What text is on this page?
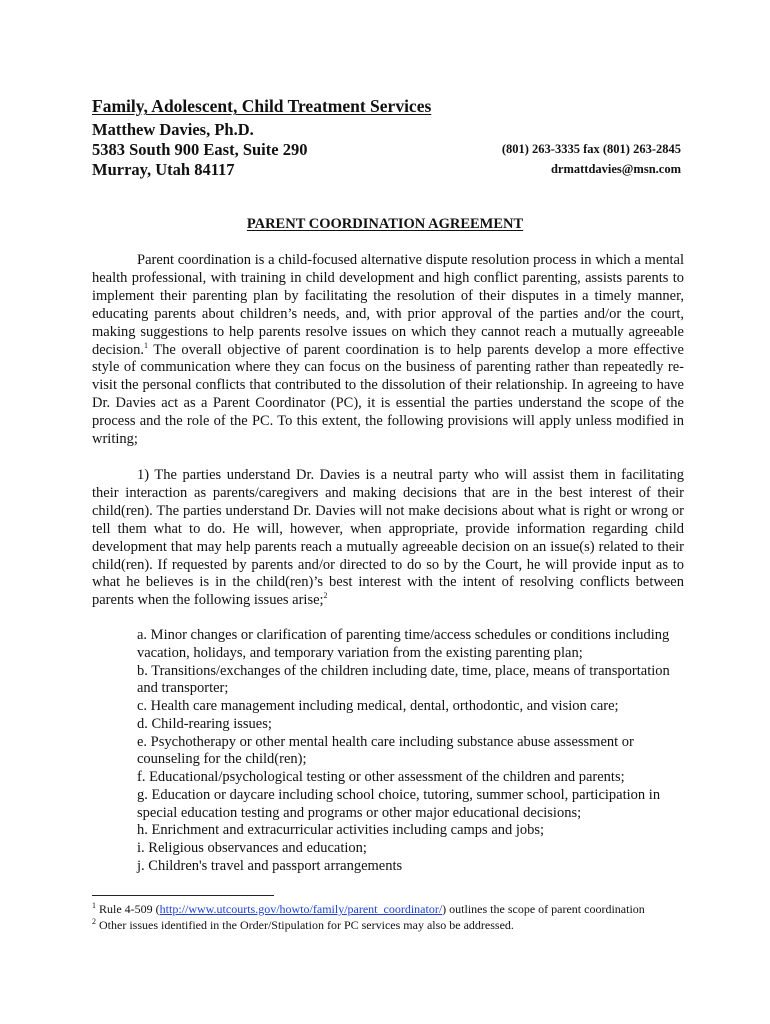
Family, Adolescent, Child Treatment Services

Matthew Davies, Ph.D.

5383 South 900 East, Suite 290

Murray, Utah 84117

(801) 263-3335 fax (801) 263-2845

drmattdavies@msn.com

PARENT COORDINATION AGREEMENT

Parent coordination is a child-focused alternative dispute resolution process in which a mental health professional, with training in child development and high conflict parenting, assists parents to implement their parenting plan by facilitating the resolution of their disputes in a timely manner, educating parents about children’s needs, and, with prior approval of the parties and/or the court, making suggestions to help parents resolve issues on which they cannot reach a mutually agreeable decision.$^1$ The overall objective of parent coordination is to help parents develop a more effective style of communication where they can focus on the business of parenting rather than repeatedly re-visit the personal conflicts that contributed to the dissolution of their relationship. In agreeing to have Dr. Davies act as a Parent Coordinator (PC), it is essential the parties understand the scope of the process and the role of the PC. To this extent, the following provisions will apply unless modified in writing;

1) The parties understand Dr. Davies is a neutral party who will assist them in facilitating their interaction as parents/caregivers and making decisions that are in the best interest of their child(ren). The parties understand Dr. Davies will not make decisions about what is right or wrong or tell them what to do. He will, however, when appropriate, provide information regarding child development that may help parents reach a mutually agreeable decision on an issue(s) related to their child(ren). If requested by parents and/or directed to do so by the Court, he will provide input as to what he believes is in the child(ren)’s best interest with the intent of resolving conflicts between parents when the following issues arise;$^2$

a. Minor changes or clarification of parenting time/access schedules or conditions including vacation, holidays, and temporary variation from the existing parenting plan;
b. Transitions/exchanges of the children including date, time, place, means of transportation and transporter;
c. Health care management including medical, dental, orthodontic, and vision care;
d. Child-rearing issues;
e. Psychotherapy or other mental health care including substance abuse assessment or counseling for the child(ren);
f. Educational/psychological testing or other assessment of the children and parents;
g. Education or daycare including school choice, tutoring, summer school, participation in special education testing and programs or other major educational decisions;
h. Enrichment and extracurricular activities including camps and jobs;
i. Religious observances and education;
j. Children's travel and passport arrangements

$^1$ Rule 4-509 (http://www.utcourts.gov/howto/family/parent_coordinator/) outlines the scope of parent coordination

$^2$ Other issues identified in the Order/Stipulation for PC services may also be addressed.
